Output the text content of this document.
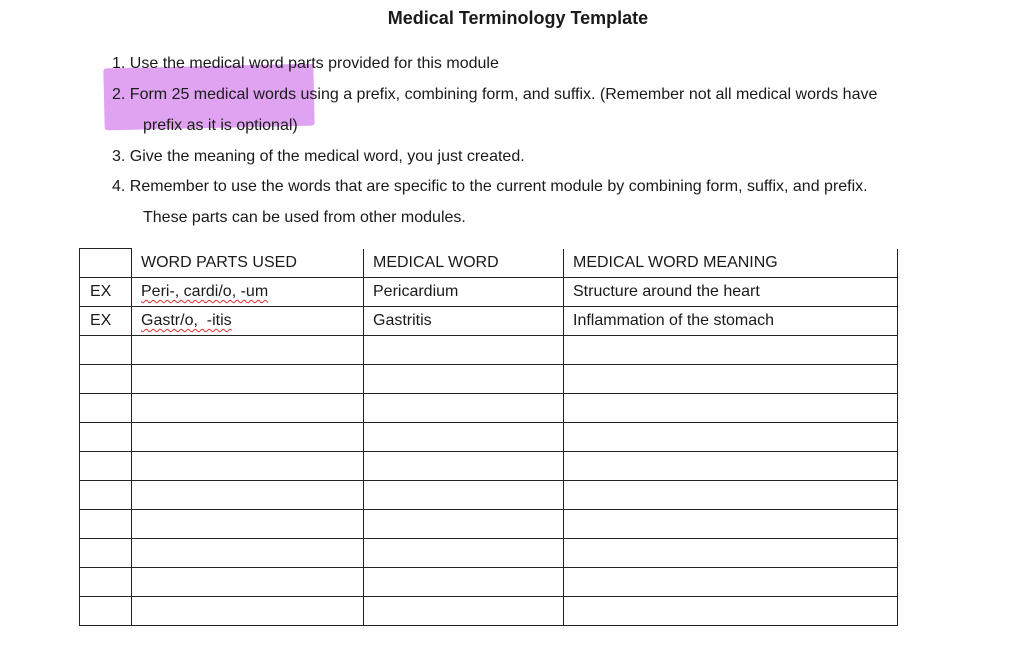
Medical Terminology Template
1. Use the medical word parts provided for this module
2. Form 25 medical words using a prefix, combining form, and suffix. (Remember not all medical words have
prefix as it is optional)
3. Give the meaning of the medical word, you just created.
4. Remember to use the words that are specific to the current module by combining form, suffix, and prefix.
These parts can be used from other modules.
	WORD PARTS USED	MEDICAL WORD	MEDICAL WORD MEANING
EX	Peri-, cardi/o, -um	Pericardium	Structure around the heart
EX	Gastr/o,  -itis	Gastritis	Inflammation of the stomach
